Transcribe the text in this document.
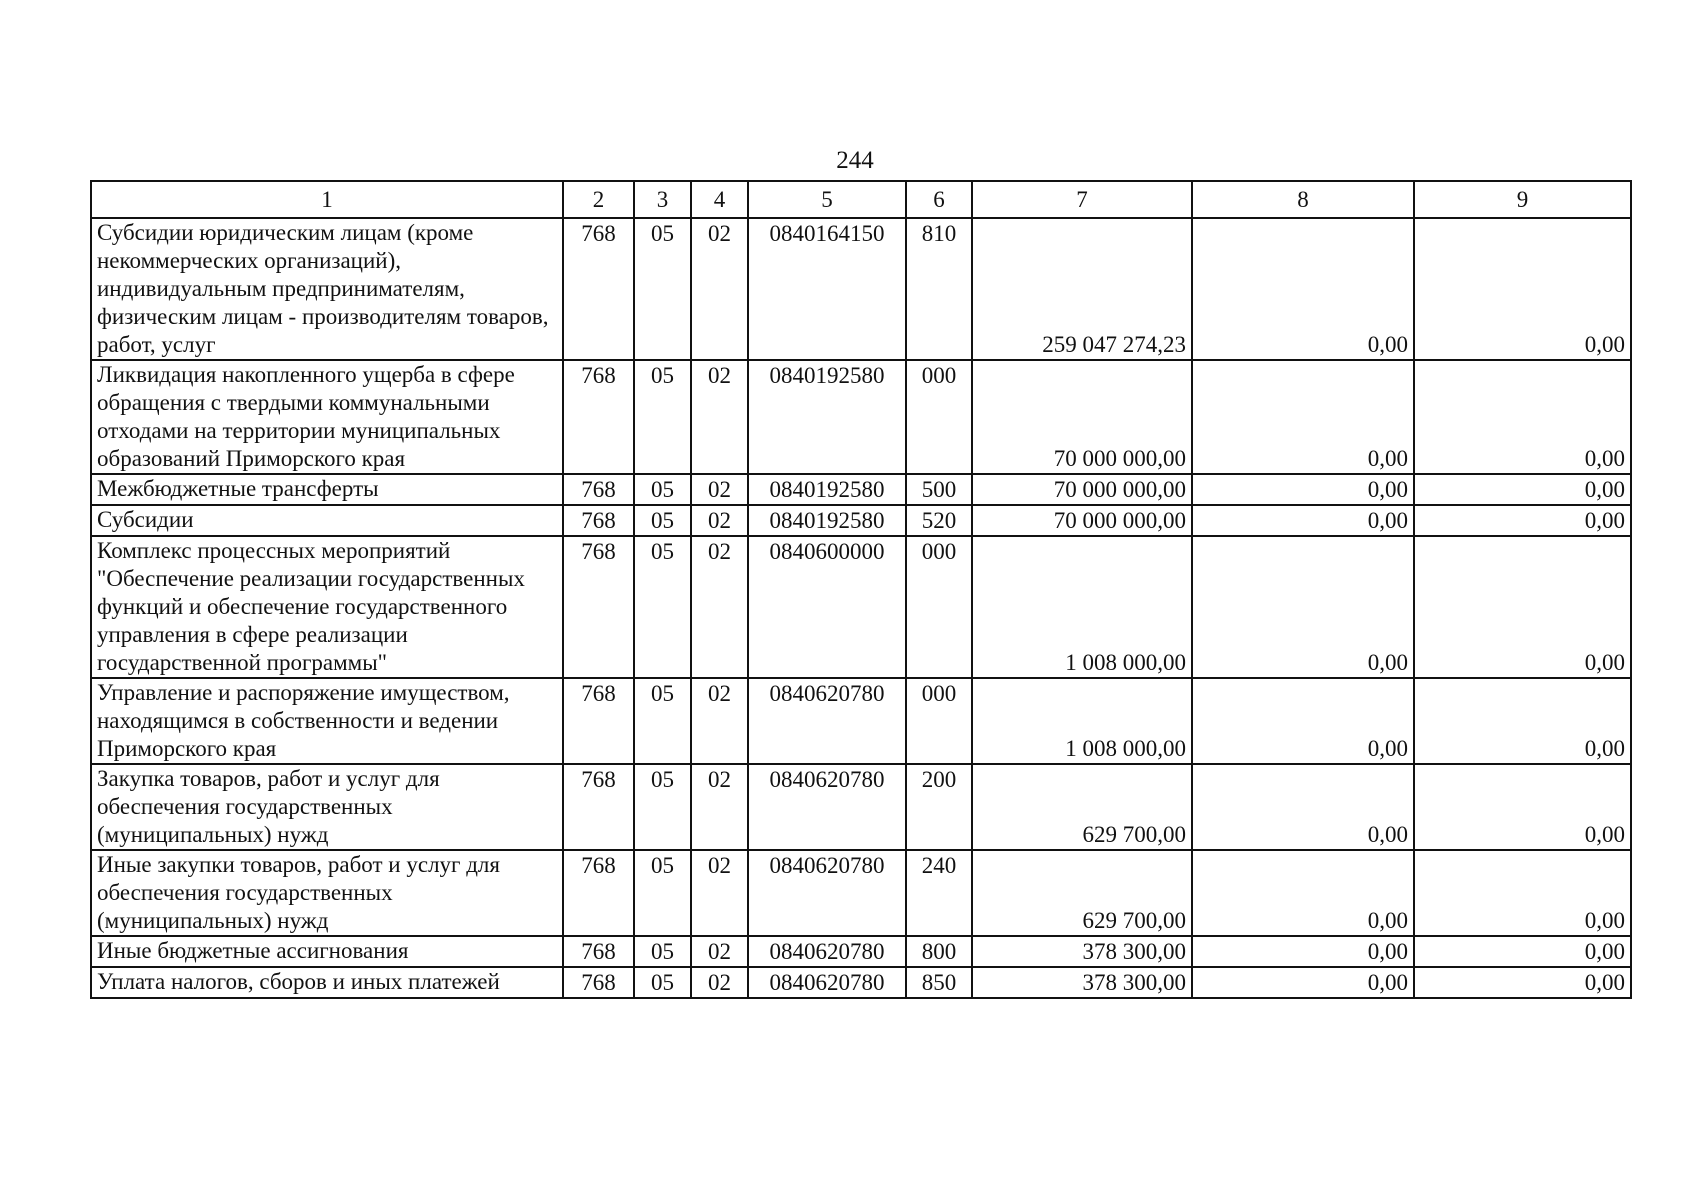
244
1	2	3	4	5	6	7	8	9
Субсидии юридическим лицам (кроме некоммерческих организаций), индивидуальным предпринимателям, физическим лицам - производителям товаров, работ, услуг	768	05	02	0840164150	810	259 047 274,23	0,00	0,00
Ликвидация накопленного ущерба в сфере обращения с твердыми коммунальными отходами на территории муниципальных образований Приморского края	768	05	02	0840192580	000	70 000 000,00	0,00	0,00
Межбюджетные трансферты	768	05	02	0840192580	500	70 000 000,00	0,00	0,00
Субсидии	768	05	02	0840192580	520	70 000 000,00	0,00	0,00
Комплекс процессных мероприятий "Обеспечение реализации государственных функций и обеспечение государственного управления в сфере реализации государственной программы"	768	05	02	0840600000	000	1 008 000,00	0,00	0,00
Управление и распоряжение имуществом, находящимся в собственности и ведении Приморского края	768	05	02	0840620780	000	1 008 000,00	0,00	0,00
Закупка товаров, работ и услуг для обеспечения государственных (муниципальных) нужд	768	05	02	0840620780	200	629 700,00	0,00	0,00
Иные закупки товаров, работ и услуг для обеспечения государственных (муниципальных) нужд	768	05	02	0840620780	240	629 700,00	0,00	0,00
Иные бюджетные ассигнования	768	05	02	0840620780	800	378 300,00	0,00	0,00
Уплата налогов, сборов и иных платежей	768	05	02	0840620780	850	378 300,00	0,00	0,00
